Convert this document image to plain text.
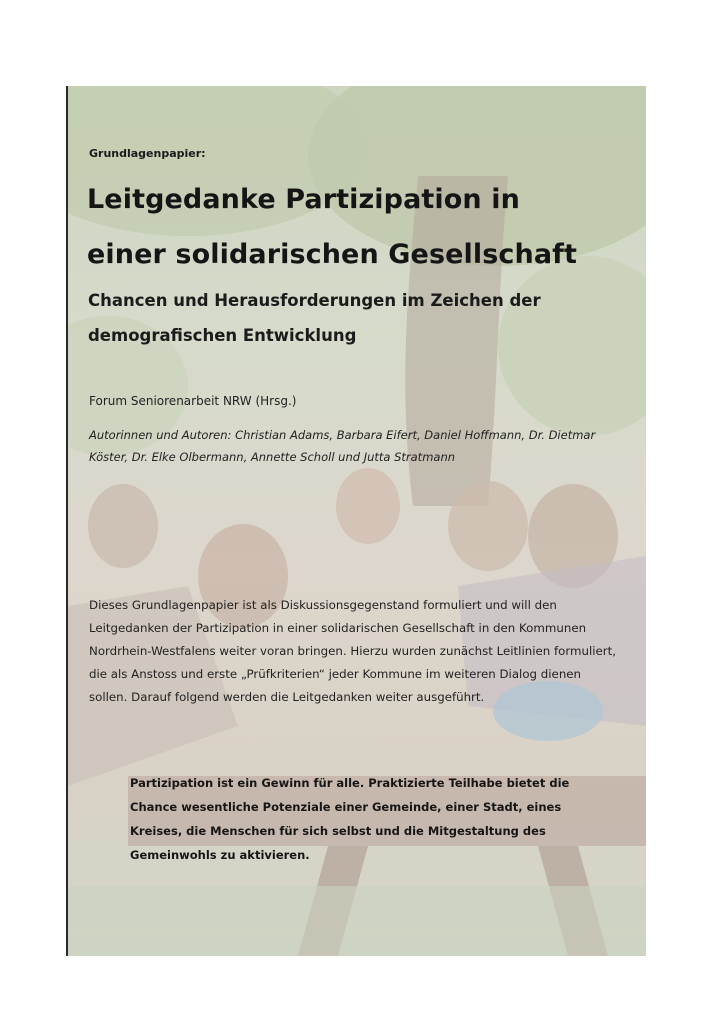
Grundlagenpapier:
Leitgedanke Partizipation in
einer solidarischen Gesellschaft
Chancen und Herausforderungen im Zeichen der
demografischen Entwicklung
Forum Seniorenarbeit NRW (Hrsg.)
Autorinnen und Autoren: Christian Adams, Barbara Eifert, Daniel Hoffmann, Dr. Dietmar
Köster, Dr. Elke Olbermann, Annette Scholl und Jutta Stratmann
Dieses Grundlagenpapier ist als Diskussionsgegenstand formuliert und will den
Leitgedanken der Partizipation in einer solidarischen Gesellschaft in den Kommunen
Nordrhein-Westfalens weiter voran bringen. Hierzu wurden zunächst Leitlinien formuliert,
die als Anstoss und erste „Prüfkriterien“ jeder Kommune im weiteren Dialog dienen
sollen. Darauf folgend werden die Leitgedanken weiter ausgeführt.
Partizipation ist ein Gewinn für alle. Praktizierte Teilhabe bietet die
Chance wesentliche Potenziale einer Gemeinde, einer Stadt, eines
Kreises, die Menschen für sich selbst und die Mitgestaltung des
Gemeinwohls zu aktivieren.
